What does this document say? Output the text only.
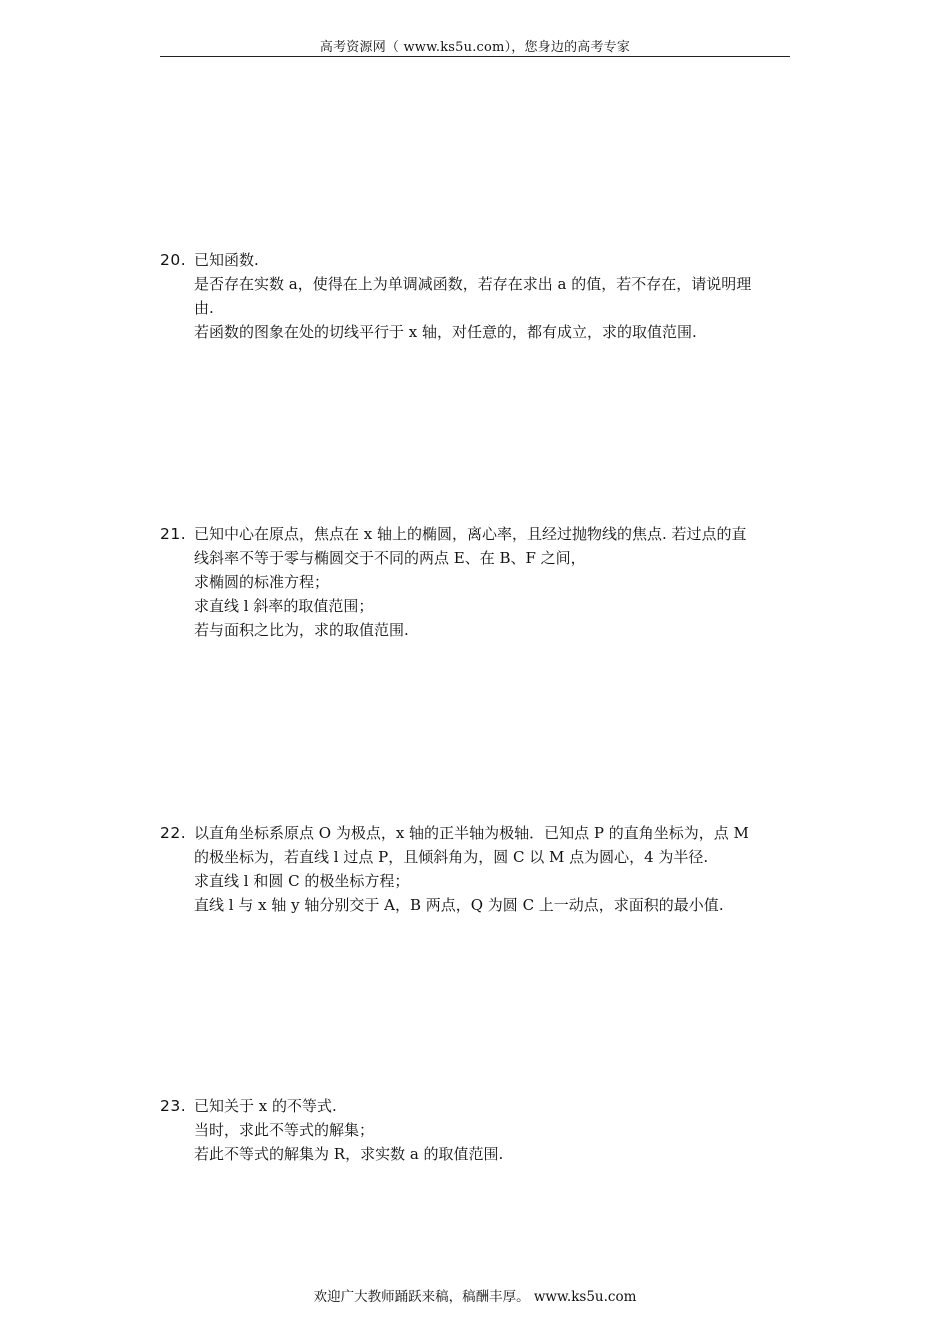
高考资源网（ www.ks5u.com），您身边的高考专家
20. 已知函数.
是否存在实数 a，使得在上为单调减函数，若存在求出 a 的值，若不存在，请说明理
由.
若函数的图象在处的切线平行于 x 轴，对任意的，都有成立，求的取值范围.
21. 已知中心在原点，焦点在 x 轴上的椭圆，离心率，且经过抛物线的焦点. 若过点的直
线斜率不等于零与椭圆交于不同的两点 E、在 B、F 之间，
求椭圆的标准方程；
求直线 l 斜率的取值范围；
若与面积之比为，求的取值范围.
22. 以直角坐标系原点 O 为极点，x 轴的正半轴为极轴．已知点 P 的直角坐标为，点 M
的极坐标为，若直线 l 过点 P，且倾斜角为，圆 C 以 M 点为圆心，4 为半径.
求直线 l 和圆 C 的极坐标方程；
直线 l 与 x 轴 y 轴分别交于 A，B 两点，Q 为圆 C 上一动点，求面积的最小值.
23. 已知关于 x 的不等式.
当时，求此不等式的解集；
若此不等式的解集为 R，求实数 a 的取值范围.
欢迎广大教师踊跃来稿，稿酬丰厚。 www.ks5u.com
